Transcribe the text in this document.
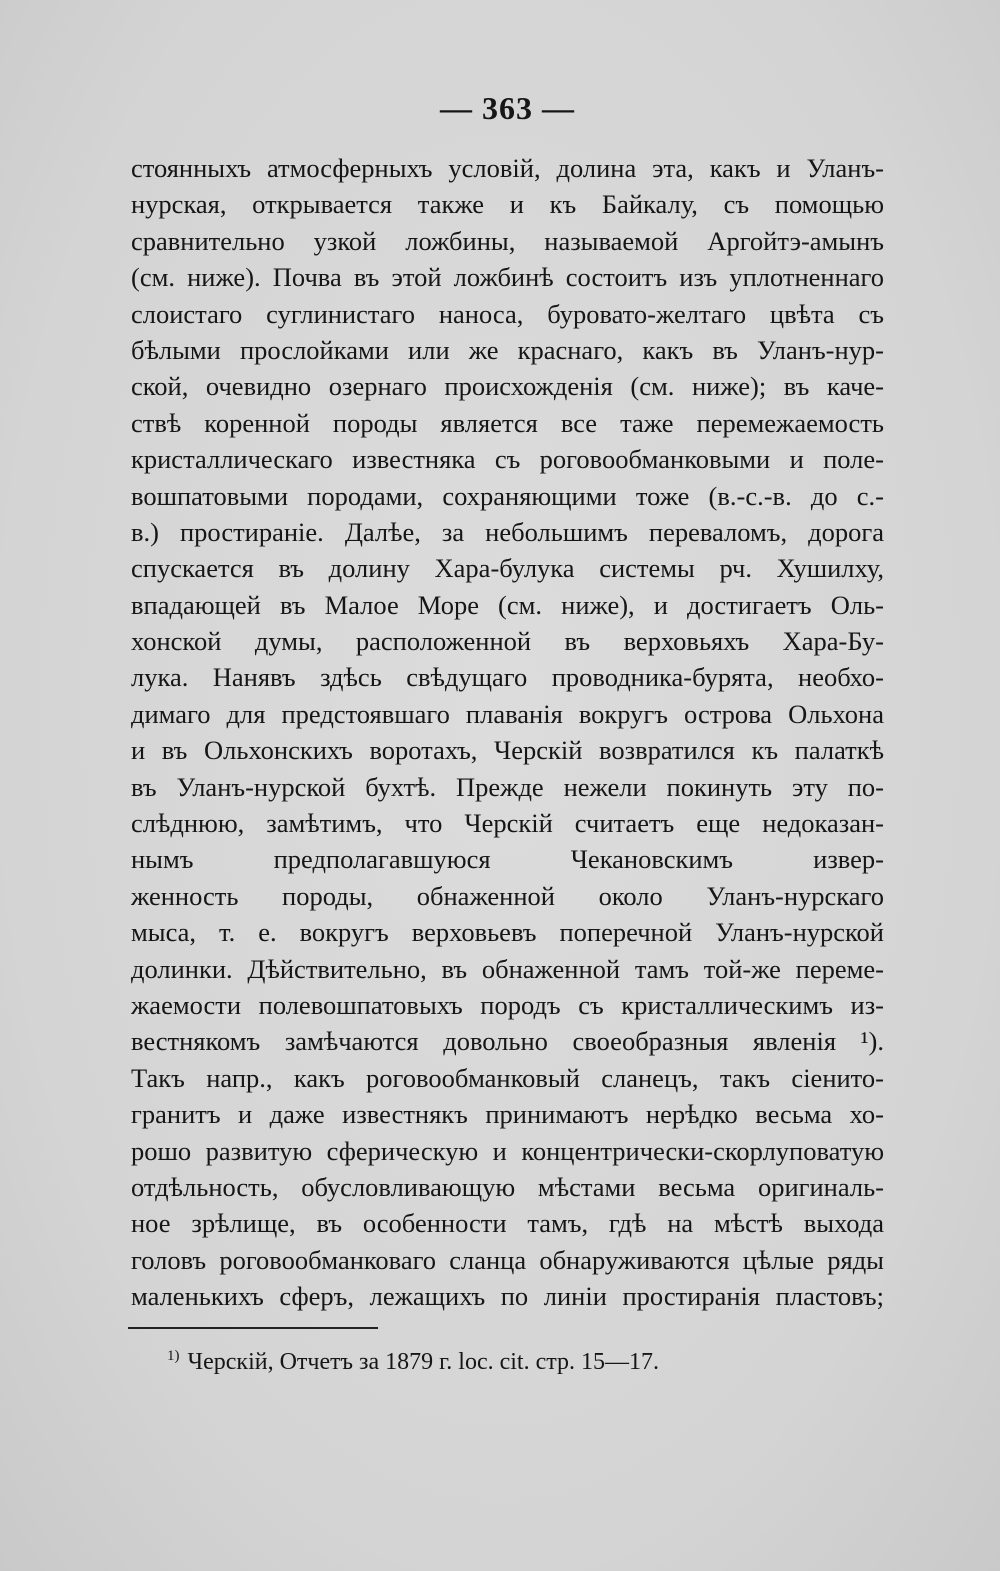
— 363 —
стоянныхъ атмосферныхъ условій, долина эта, какъ и Уланъ-
нурская, открывается также и къ Байкалу, съ помощью
сравнительно узкой ложбины, называемой Аргойтэ-амынъ
(см. ниже). Почва въ этой ложбинѣ состоитъ изъ уплотненнаго
слоистаго суглинистаго наноса, буровато-желтаго цвѣта съ
бѣлыми прослойками или же краснаго, какъ въ Уланъ-нур-
ской, очевидно озернаго происхожденія (см. ниже); въ каче-
ствѣ коренной породы является все таже перемежаемость
кристаллическаго известняка съ роговообманковыми и поле-
вошпатовыми породами, сохраняющими тоже (в.-с.-в. до с.-
в.) простираніе. Далѣе, за небольшимъ переваломъ, дорога
спускается въ долину Хара-булука системы рч. Хушилху,
впадающей въ Малое Море (см. ниже), и достигаетъ Оль-
хонской думы, расположенной въ верховьяхъ Хара-Бу-
лука. Нанявъ здѣсь свѣдущаго проводника-бурята, необхо-
димаго для предстоявшаго плаванія вокругъ острова Ольхона
и въ Ольхонскихъ воротахъ, Черскій возвратился къ палаткѣ
въ Уланъ-нурской бухтѣ. Прежде нежели покинуть эту по-
слѣднюю, замѣтимъ, что Черскій считаетъ еще недоказан-
нымъ предполагавшуюся Чекановскимъ извер-
женность породы, обнаженной около Уланъ-нурскаго
мыса, т. е. вокругъ верховьевъ поперечной Уланъ-нурской
долинки. Дѣйствительно, въ обнаженной тамъ той-же переме-
жаемости полевошпатовыхъ породъ съ кристаллическимъ из-
вестнякомъ замѣчаются довольно своеобразныя явленія ¹).
Такъ напр., какъ роговообманковый сланецъ, такъ сіенито-
гранитъ и даже известнякъ принимаютъ нерѣдко весьма хо-
рошо развитую сферическую и концентрически-скорлуповатую
отдѣльность, обусловливающую мѣстами весьма оригиналь-
ное зрѣлище, въ особенности тамъ, гдѣ на мѣстѣ выхода
головъ роговообманковаго сланца обнаруживаются цѣлые ряды
маленькихъ сферъ, лежащихъ по линіи простиранія пластовъ;
$^{1)}$ Черскій, Отчетъ за 1879 г. loc. cit. стр. 15—17.
